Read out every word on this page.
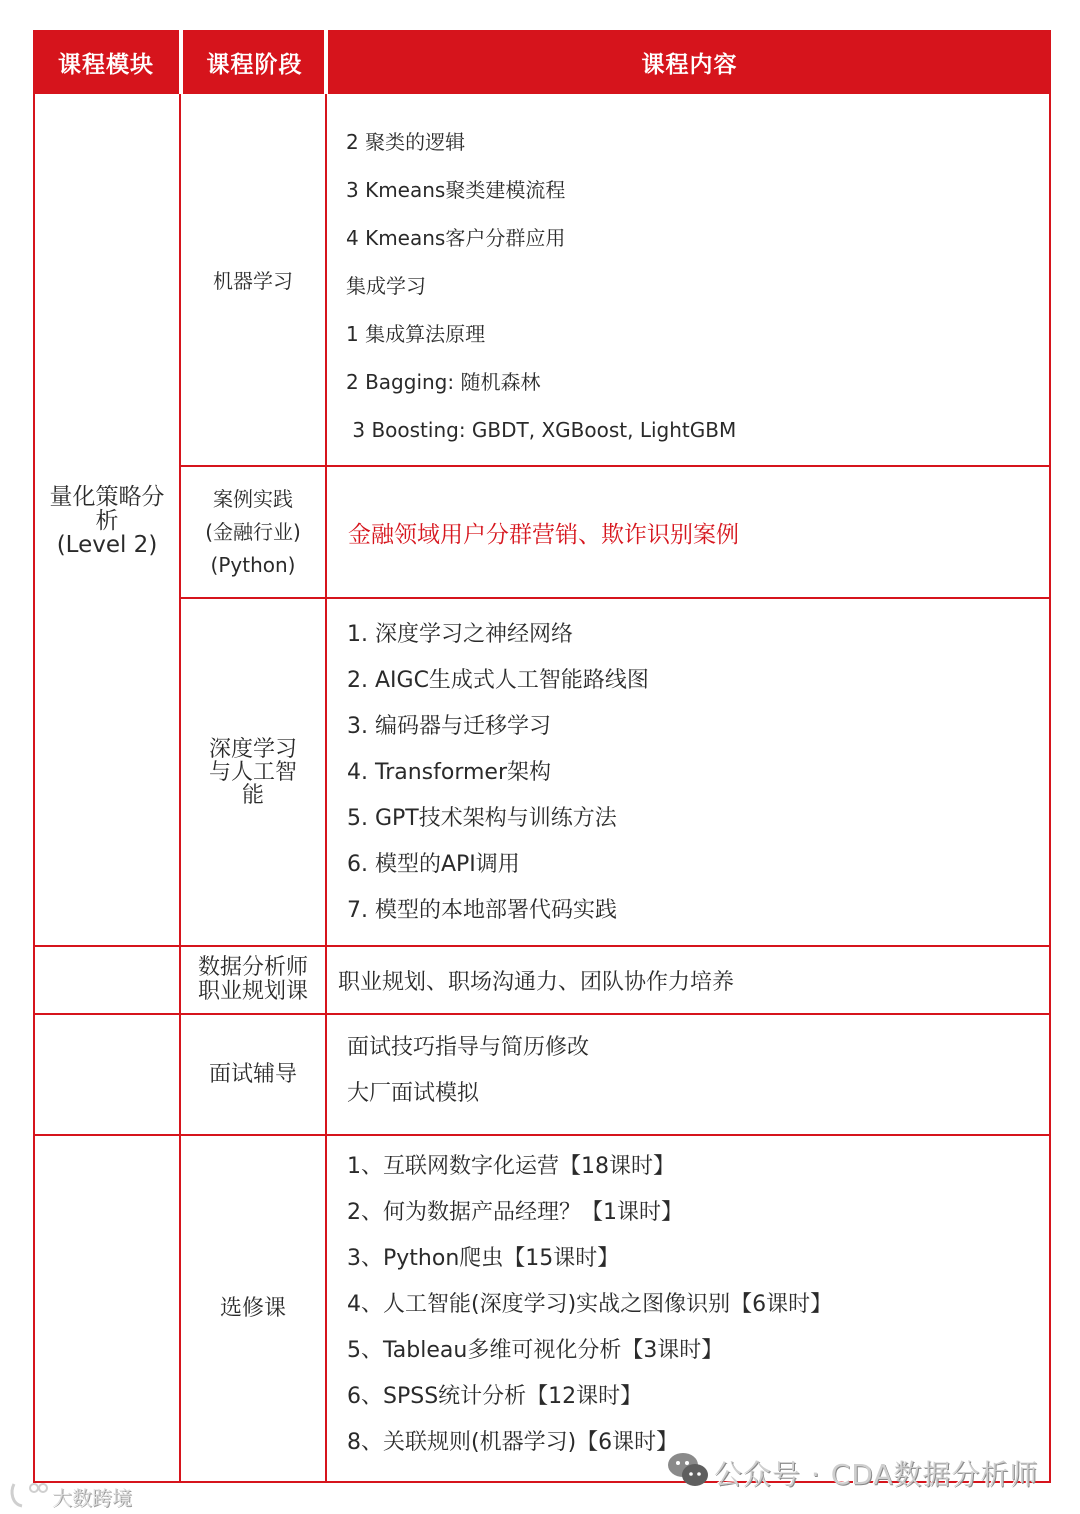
课程模块	课程阶段	课程内容
量化策略分
析
(Level 2)
机器学习
2 聚类的逻辑
3 Kmeans聚类建模流程
4 Kmeans客户分群应用
集成学习
1 集成算法原理
2 Bagging: 随机森林
3 Boosting: GBDT, XGBoost, LightGBM
案例实践
(金融行业)
(Python)
金融领域用户分群营销、欺诈识别案例
深度学习
与人工智
能
1. 深度学习之神经网络
2. AIGC生成式人工智能路线图
3. 编码器与迁移学习
4. Transformer架构
5. GPT技术架构与训练方法
6. 模型的API调用
7. 模型的本地部署代码实践
数据分析师
职业规划课 职业规划、职场沟通力、团队协作力培养
面试辅导
面试技巧指导与简历修改
大厂面试模拟
选修课
1、互联网数字化运营【18课时】
2、何为数据产品经理？【1课时】
3、Python爬虫【15课时】
4、人工智能(深度学习)实战之图像识别【6课时】
5、Tableau多维可视化分析【3课时】
6、SPSS统计分析【12课时】
8、关联规则(机器学习)【6课时】
公众号 · CDA数据分析师
大数跨境
